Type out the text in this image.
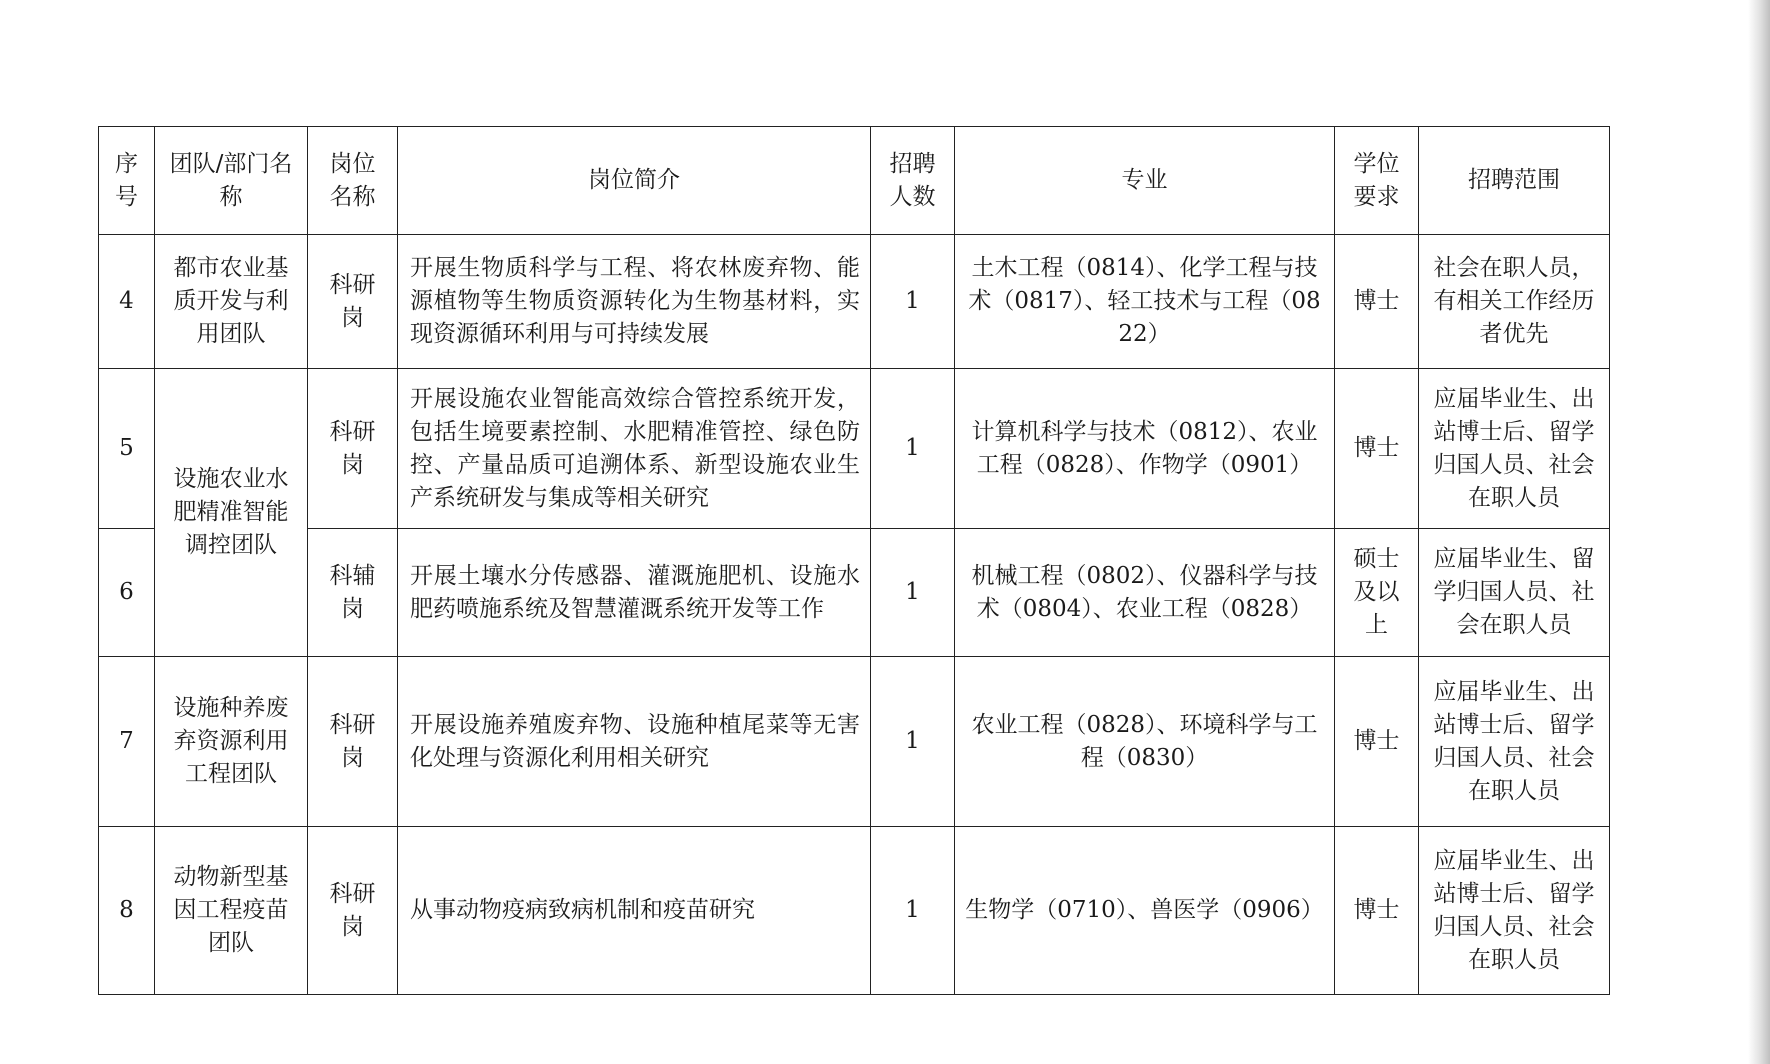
序号	团队/部门名称	岗位名称	岗位简介	招聘人数	专业	学位要求	招聘范围
4	都市农业基质开发与利用团队	科研岗	开展生物质科学与工程、将农林废弃物、能源植物等生物质资源转化为生物基材料，实现资源循环利用与可持续发展	1	土木工程（0814）、化学工程与技术（0817）、轻工技术与工程（0822）	博士	社会在职人员，有相关工作经历者优先
5	设施农业水肥精准智能调控团队	科研岗	开展设施农业智能高效综合管控系统开发，包括生境要素控制、水肥精准管控、绿色防控、产量品质可追溯体系、新型设施农业生产系统研发与集成等相关研究	1	计算机科学与技术（0812）、农业工程（0828）、作物学（0901）	博士	应届毕业生、出站博士后、留学归国人员、社会在职人员
6		科辅岗	开展土壤水分传感器、灌溉施肥机、设施水肥药喷施系统及智慧灌溉系统开发等工作	1	机械工程（0802）、仪器科学与技术（0804）、农业工程（0828）	硕士及以上	应届毕业生、留学归国人员、社会在职人员
7	设施种养废弃资源利用工程团队	科研岗	开展设施养殖废弃物、设施种植尾菜等无害化处理与资源化利用相关研究	1	农业工程（0828）、环境科学与工程（0830）	博士	应届毕业生、出站博士后、留学归国人员、社会在职人员
8	动物新型基因工程疫苗团队	科研岗	从事动物疫病致病机制和疫苗研究	1	生物学（0710）、兽医学（0906）	博士	应届毕业生、出站博士后、留学归国人员、社会在职人员
